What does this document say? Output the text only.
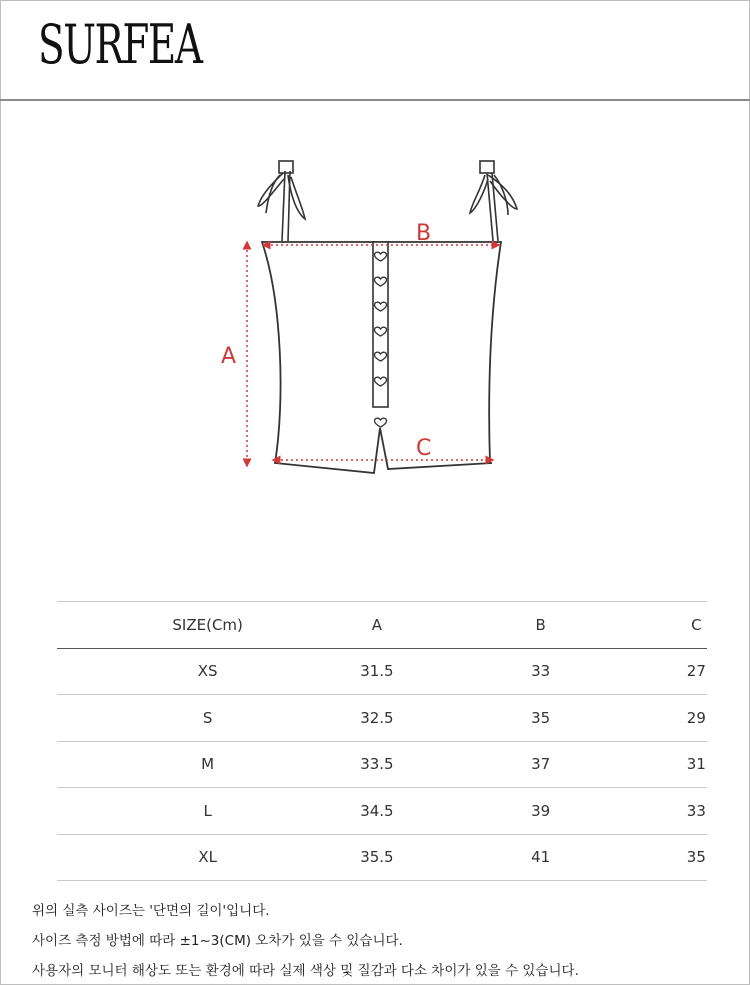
SURFEA
A
B
C
SIZE(Cm)	A	B	C
XS	31.5	33	27
S	32.5	35	29
M	33.5	37	31
L	34.5	39	33
XL	35.5	41	35

위의 실측 사이즈는 '단면의 길이'입니다.

사이즈 측정 방법에 따라 ±1~3(CM) 오차가 있을 수 있습니다.

사용자의 모니터 해상도 또는 환경에 따라 실제 색상 및 질감과 다소 차이가 있을 수 있습니다.
